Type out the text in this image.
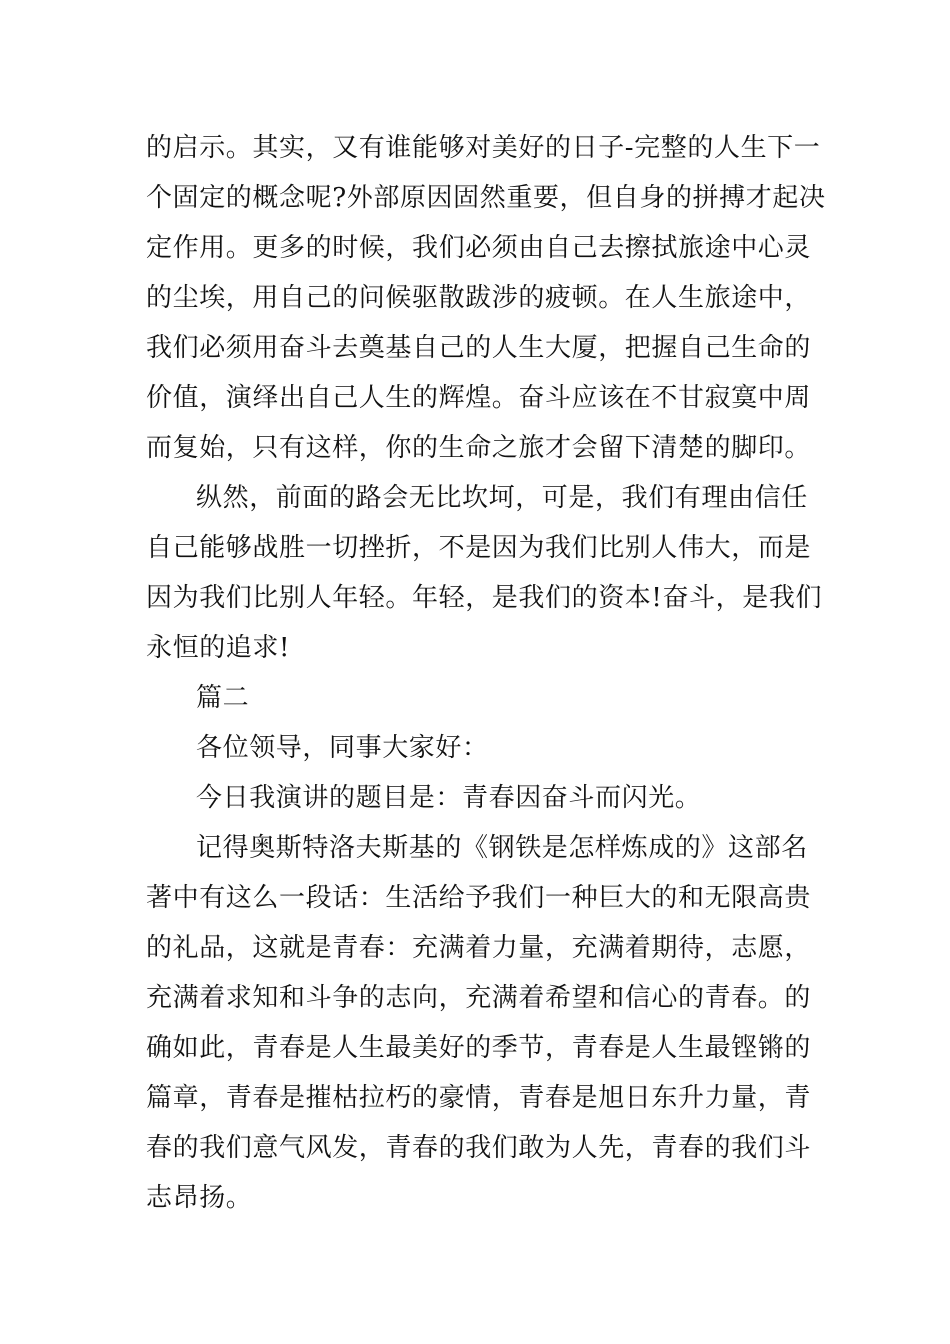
的启示。其实，又有谁能够对美好的日子-完整的人生下一
个固定的概念呢?外部原因固然重要，但自身的拼搏才起决
定作用。更多的时候，我们必须由自己去擦拭旅途中心灵
的尘埃，用自己的问候驱散跋涉的疲顿。在人生旅途中，
我们必须用奋斗去奠基自己的人生大厦，把握自己生命的
价值，演绎出自己人生的辉煌。奋斗应该在不甘寂寞中周
而复始，只有这样，你的生命之旅才会留下清楚的脚印。
纵然，前面的路会无比坎坷，可是，我们有理由信任
自己能够战胜一切挫折，不是因为我们比别人伟大，而是
因为我们比别人年轻。年轻，是我们的资本!奋斗，是我们
永恒的追求!
篇二
各位领导，同事大家好：
今日我演讲的题目是：青春因奋斗而闪光。
记得奥斯特洛夫斯基的《钢铁是怎样炼成的》这部名
著中有这么一段话：生活给予我们一种巨大的和无限高贵
的礼品，这就是青春：充满着力量，充满着期待，志愿，
充满着求知和斗争的志向，充满着希望和信心的青春。的
确如此，青春是人生最美好的季节，青春是人生最铿锵的
篇章，青春是摧枯拉朽的豪情，青春是旭日东升力量，青
春的我们意气风发，青春的我们敢为人先，青春的我们斗
志昂扬。
